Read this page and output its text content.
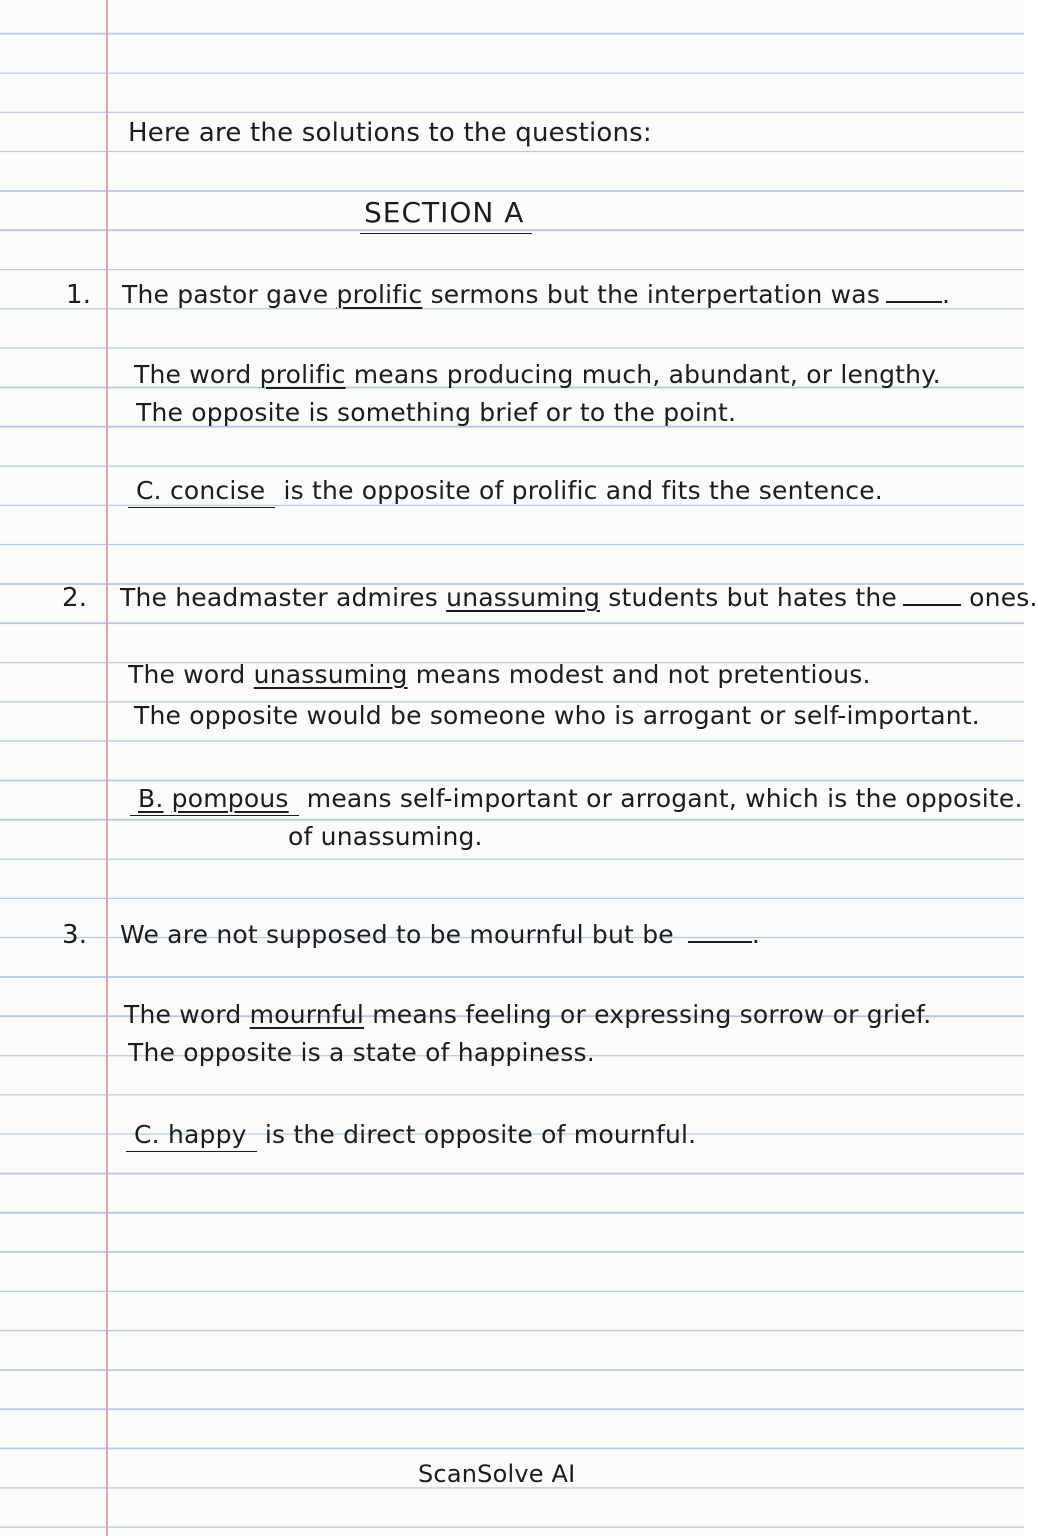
Here are the solutions to the questions:
SECTION A
1. The pastor gave prolific sermons but the interpertation was .
The word prolific means producing much, abundant, or lengthy.
The opposite is something brief or to the point.
C. concise is the opposite of prolific and fits the sentence.
2. The headmaster admires unassuming students but hates the	ones.
The word unassuming means modest and not pretentious.
The opposite would be someone who is arrogant or self-important.
B. pompous means self-important or arrogant, which is the opposite.
of unassuming.
3. We are not supposed to be mournful but be	.
The word mournful means feeling or expressing sorrow or grief.
The opposite is a state of happiness.
C. happy is the direct opposite of mournful.
ScanSolve AI
